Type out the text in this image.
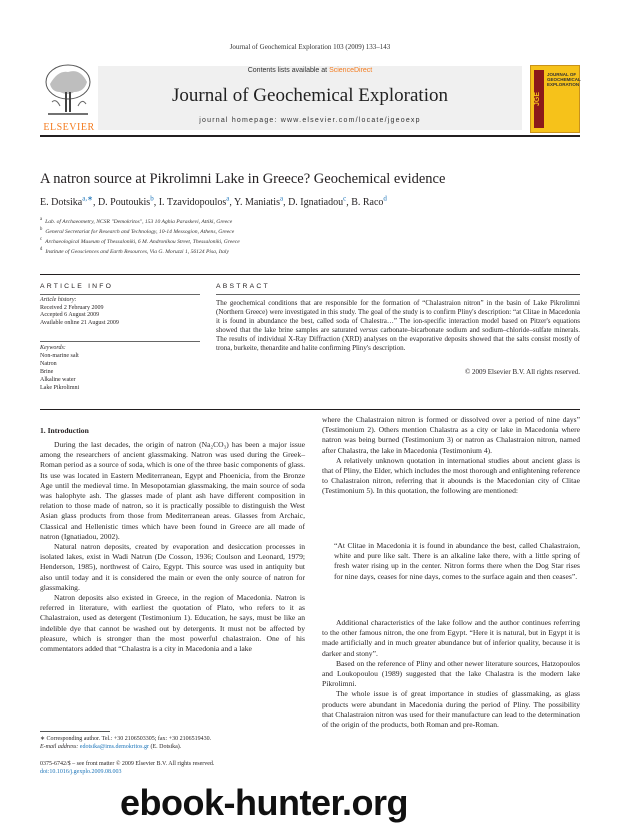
Journal of Geochemical Exploration 103 (2009) 133–143
Contents lists available at ScienceDirect
Journal of Geochemical Exploration
journal homepage: www.elsevier.com/locate/jgeoexp
ELSEVIER
JGE
JOURNAL OF GEOCHEMICAL EXPLORATION
A natron source at Pikrolimni Lake in Greece? Geochemical evidence
E. Dotsika$^{a,∗}$, D. Poutoukis$^b$, I. Tzavidopoulos$^a$, Y. Maniatis$^a$, D. Ignatiadou$^c$, B. Raco$^d$
$^a$ Lab. of Archaeometry, NCSR "Demokritos", 153 10 Aghia Paraskevi, Attiki, Greece
$^b$ General Secretariat for Research and Technology, 10-14 Messogion, Athens, Greece
$^c$ Archaeological Museum of Thessaloniki, 6 M. Andronikou Street, Thessaloniki, Greece
$^d$ Institute of Geosciences and Earth Resources, Via G. Moruzzi 1, 56124 Pisa, Italy
ARTICLE INFO	ABSTRACT
Article history:
Received 2 February 2009
Accepted 6 August 2009
Available online 21 August 2009
Keywords:
Non-marine salt
Natron
Brine
Alkaline water
Lake Pikrolimni
The geochemical conditions that are responsible for the formation of “Chalastraion nitron” in the basin of Lake Pikrolimni (Northern Greece) were investigated in this study. The goal of the study is to confirm Pliny's description: “at Clitae in Macedonia it is found in abundance the best, called soda of Chalestra…” The ion-specific interaction model based on Pitzer's equations showed that the lake brine samples are saturated versus carbonate–bicarbonate sodium and sodium–chloride–sulfate minerals. The results of individual X-Ray Diffraction (XRD) analyses on the evaporative deposits showed that the salts consist mostly of trona, burkeite, thenardite and halite confirming Pliny's description.
© 2009 Elsevier B.V. All rights reserved.
1. Introduction

During the last decades, the origin of natron (Na₂CO₃) has been a major issue among the researchers of ancient glassmaking. Natron was used during the Greek–Roman period as a source of soda, which is one of the three basic components of glass. Its use was located in Eastern Mediterranean, Egypt and Phoenicia, from the Bronze Age until the medieval time. In Mesopotamian glassmaking, the main source of soda was halophyte ash. The glasses made of plant ash have different composition in relation to those made of natron, so it is practically possible to distinguish the West Asian glass products from those from Mediterranean areas. Glasses from Archaic, Classical and Hellenistic times which have been found in Greece are all made of natron (Ignatiadou, 2002).

Natural natron deposits, created by evaporation and desiccation processes in isolated lakes, exist in Wadi Natrun (De Cosson, 1936; Coulson and Leonard, 1979; Henderson, 1985), northwest of Cairo, Egypt. This source was used in antiquity but also until today and it is considered the main or even the only source of natron for glassmaking.

Natron deposits also existed in Greece, in the region of Macedonia. Natron is referred in literature, with earliest the quotation of Plato, who refers to it as Chalastraion, used as detergent (Testimonium 1). Education, he says, must be like an indelible dye that cannot be washed out by detergents. It must not be affected by pleasure, which is stronger than the most powerful chalastraion. One of his commentators added that “Chalastra is a city in Macedonia and a lake

where the Chalastraion nitron is formed or dissolved over a period of nine days” (Testimonium 2). Others mention Chalastra as a city or lake in Macedonia where natron was being burned (Testimonium 3) or natron as Chalastraion nitron, named after Chalastra, the lake in Macedonia (Testimonium 4).

A relatively unknown quotation in international studies about ancient glass is that of Pliny, the Elder, which includes the most thorough and enlightening reference to Chalastraion nitron, referring that it abounds is the Macedonian city of Clitae (Testimonium 5). In this quotation, the following are mentioned:

“At Clitae in Macedonia it is found in abundance the best, called Chalastraion, white and pure like salt. There is an alkaline lake there, with a little spring of fresh water rising up in the center. Nitron forms there when the Dog Star rises for nine days, ceases for nine days, comes to the surface again and then ceases”.

Additional characteristics of the lake follow and the author continues referring to the other famous nitron, the one from Egypt. “Here it is natural, but in Egypt it is made artificially and in much greater abundance but of inferior quality, because it is darker and stony”.

Based on the reference of Pliny and other newer literature sources, Hatzopoulos and Loukopoulou (1989) suggested that the lake Chalastra is the modern lake Pikrolimni.

The whole issue is of great importance in studies of glassmaking, as glass products were abundant in Macedonia during the period of Pliny. The possibility that Chalastraion nitron was used for their manufacture can lead to the determination of the origin of the products, both Roman and pre-Roman.

∗ Corresponding author. Tel.: +30 2106503305; fax: +30 2106519430.
E-mail address: edotsika@ims.demokritos.gr (E. Dotsika).
0375-6742/$ – see front matter © 2009 Elsevier B.V. All rights reserved.
doi:10.1016/j.gexplo.2009.08.003
ebook-hunter.org
